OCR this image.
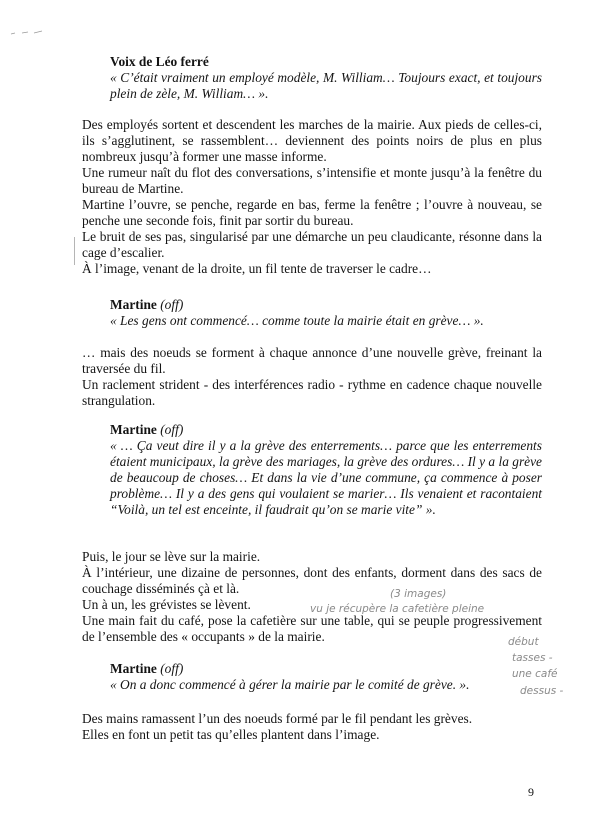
Voix de Léo ferré
« C’était vraiment un employé modèle, M. William… Toujours exact, et toujours plein de zèle, M. William… ».

Des employés sortent et descendent les marches de la mairie. Aux pieds de celles-ci, ils s’agglutinent, se rassemblent… deviennent des points noirs de plus en plus nombreux jusqu’à former une masse informe.

Une rumeur naît du flot des conversations, s’intensifie et monte jusqu’à la fenêtre du bureau de Martine.

Martine l’ouvre, se penche, regarde en bas, ferme la fenêtre ; l’ouvre à nouveau, se penche une seconde fois, finit par sortir du bureau.

Le bruit de ses pas, singularisé par une démarche un peu claudicante, résonne dans la cage d’escalier.

À l’image, venant de la droite, un fil tente de traverser le cadre…

Martine (off)
« Les gens ont commencé… comme toute la mairie était en grève… ».

… mais des noeuds se forment à chaque annonce d’une nouvelle grève, freinant la traversée du fil.

Un raclement strident - des interférences radio - rythme en cadence chaque nouvelle strangulation.

Martine (off)
« … Ça veut dire il y a la grève des enterrements… parce que les enterrements étaient municipaux, la grève des mariages, la grève des ordures… Il y a la grève de beaucoup de choses… Et dans la vie d’une commune, ça commence à poser problème… Il y a des gens qui voulaient se marier… Ils venaient et racontaient “Voilà, un tel est enceinte, il faudrait qu’on se marie vite” ».

Puis, le jour se lève sur la mairie.

À l’intérieur, une dizaine de personnes, dont des enfants, dorment dans des sacs de couchage disséminés çà et là.

Un à un, les grévistes se lèvent.

Une main fait du café, pose la cafetière sur une table, qui se peuple progressivement de l’ensemble des « occupants » de la mairie.

Martine (off)
« On a donc commencé à gérer la mairie par le comité de grève. ».

Des mains ramassent l’un des noeuds formé par le fil pendant les grèves.

Elles en font un petit tas qu’elles plantent dans l’image.

(3 images)
vu je récupère la cafetière pleine
début
tasses -
une café
dessus -
9
